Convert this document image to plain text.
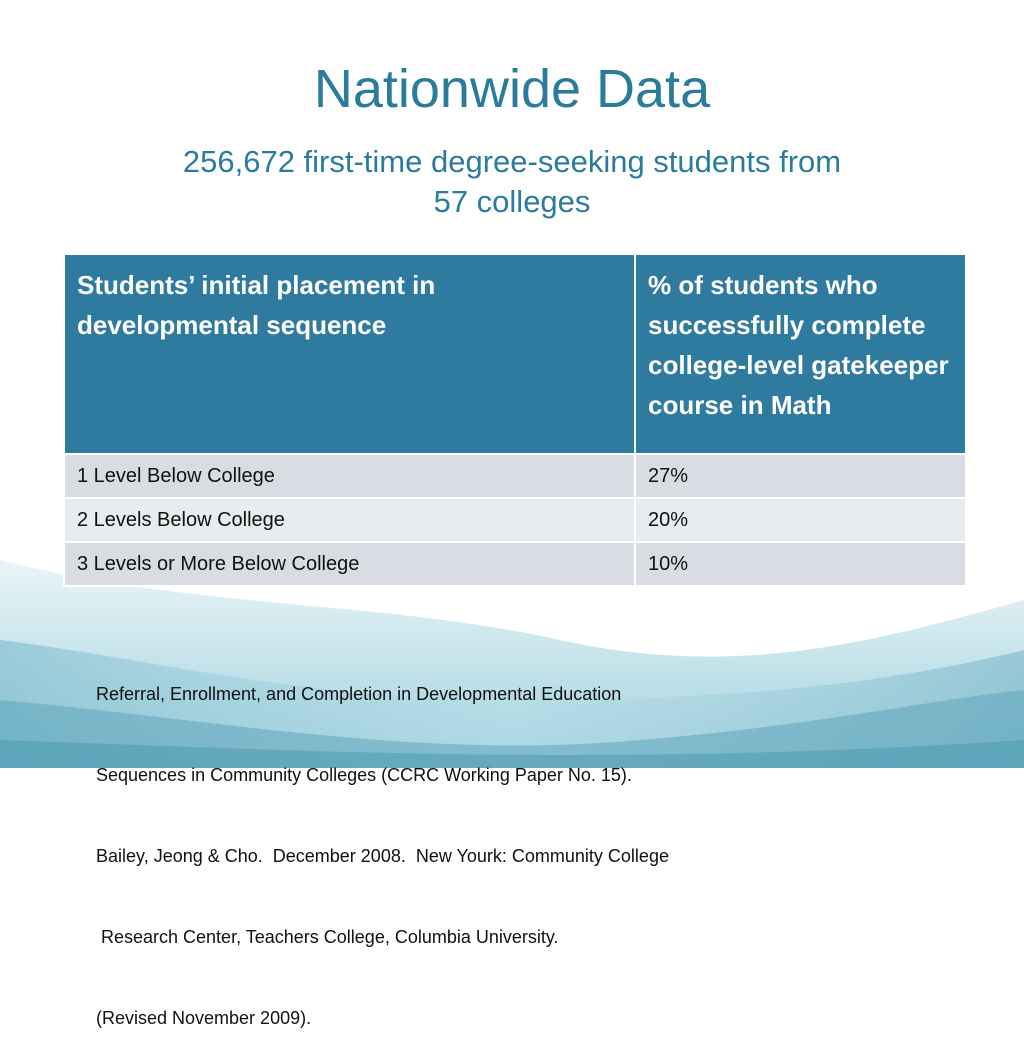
Nationwide Data
256,672 first-time degree-seeking students from
57 colleges
Students’ initial placement in developmental sequence	% of students who successfully complete college-level gatekeeper course in Math
1 Level Below College	27%
2 Levels Below College	20%
3 Levels or More Below College	10%

Referral, Enrollment, and Completion in Developmental Education

Sequences in Community Colleges (CCRC Working Paper No. 15).

Bailey, Jeong & Cho.  December 2008.  New Yourk: Community College

Research Center, Teachers College, Columbia University.

(Revised November 2009).
